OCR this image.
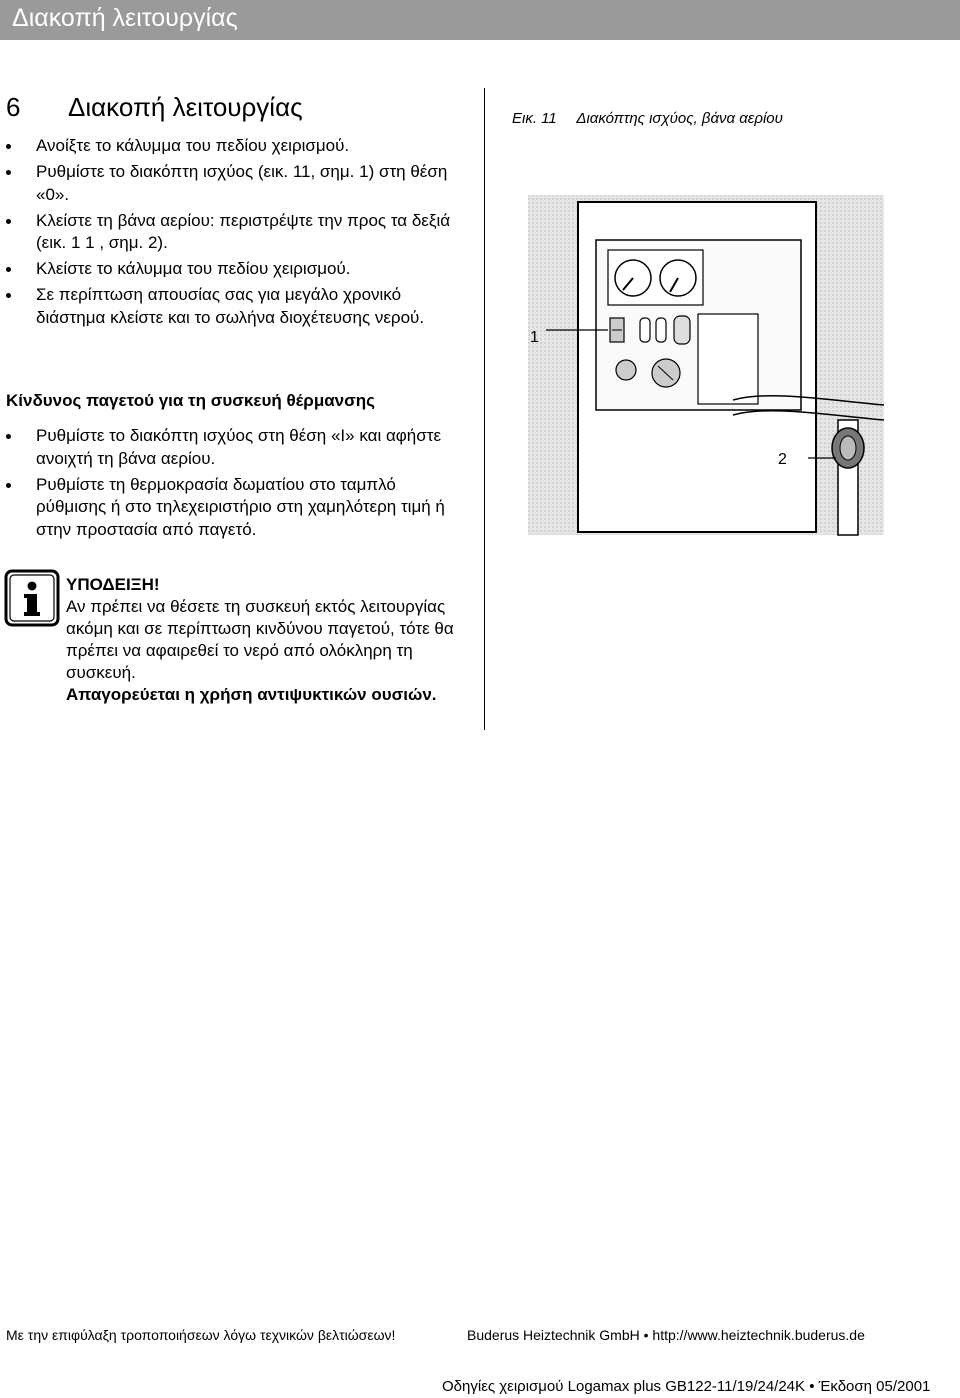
Διακοπή λειτουργίας
6 Διακοπή λειτουργίας
Ανοίξτε το κάλυμμα του πεδίου χειρισμού.
Ρυθμίστε το διακόπτη ισχύος (εικ. 11, σημ. 1) στη θέση «0».
Κλείστε τη βάνα αερίου: περιστρέψτε την προς τα δεξιά (εικ. 1 1 , σημ. 2).
Κλείστε το κάλυμμα του πεδίου χειρισμού.
Σε περίπτωση απουσίας σας για μεγάλο χρονικό διάστημα κλείστε και το σωλήνα διοχέτευσης νερού.
Κίνδυνος παγετού για τη συσκευή θέρμανσης
Ρυθμίστε το διακόπτη ισχύος στη θέση «I» και αφήστε ανοιχτή τη βάνα αερίου.
Ρυθμίστε τη θερμοκρασία δωματίου στο ταμπλό ρύθμισης ή στο τηλεχειριστήριο στη χαμηλότερη τιμή ή στην προστασία από παγετό.
Εικ. 11 Διακόπτης ισχύος, βάνα αερίου
1
2
ΥΠΟΔΕΙΞΗ!
Αν πρέπει να θέσετε τη συσκευή εκτός λειτουργίας ακόμη και σε περίπτωση κινδύνου παγετού, τότε θα πρέπει να αφαιρεθεί το νερό από ολόκληρη τη συσκευή.
Απαγορεύεται η χρήση αντιψυκτικών ουσιών.
Με την επιφύλαξη τροποποιήσεων λόγω τεχνικών βελτιώσεων!	Buderus Heiztechnik GmbH • http://www.heiztechnik.buderus.de
Οδηγίες χειρισμού Logamax plus GB122-11/19/24/24K • Έκδοση 05/2001
